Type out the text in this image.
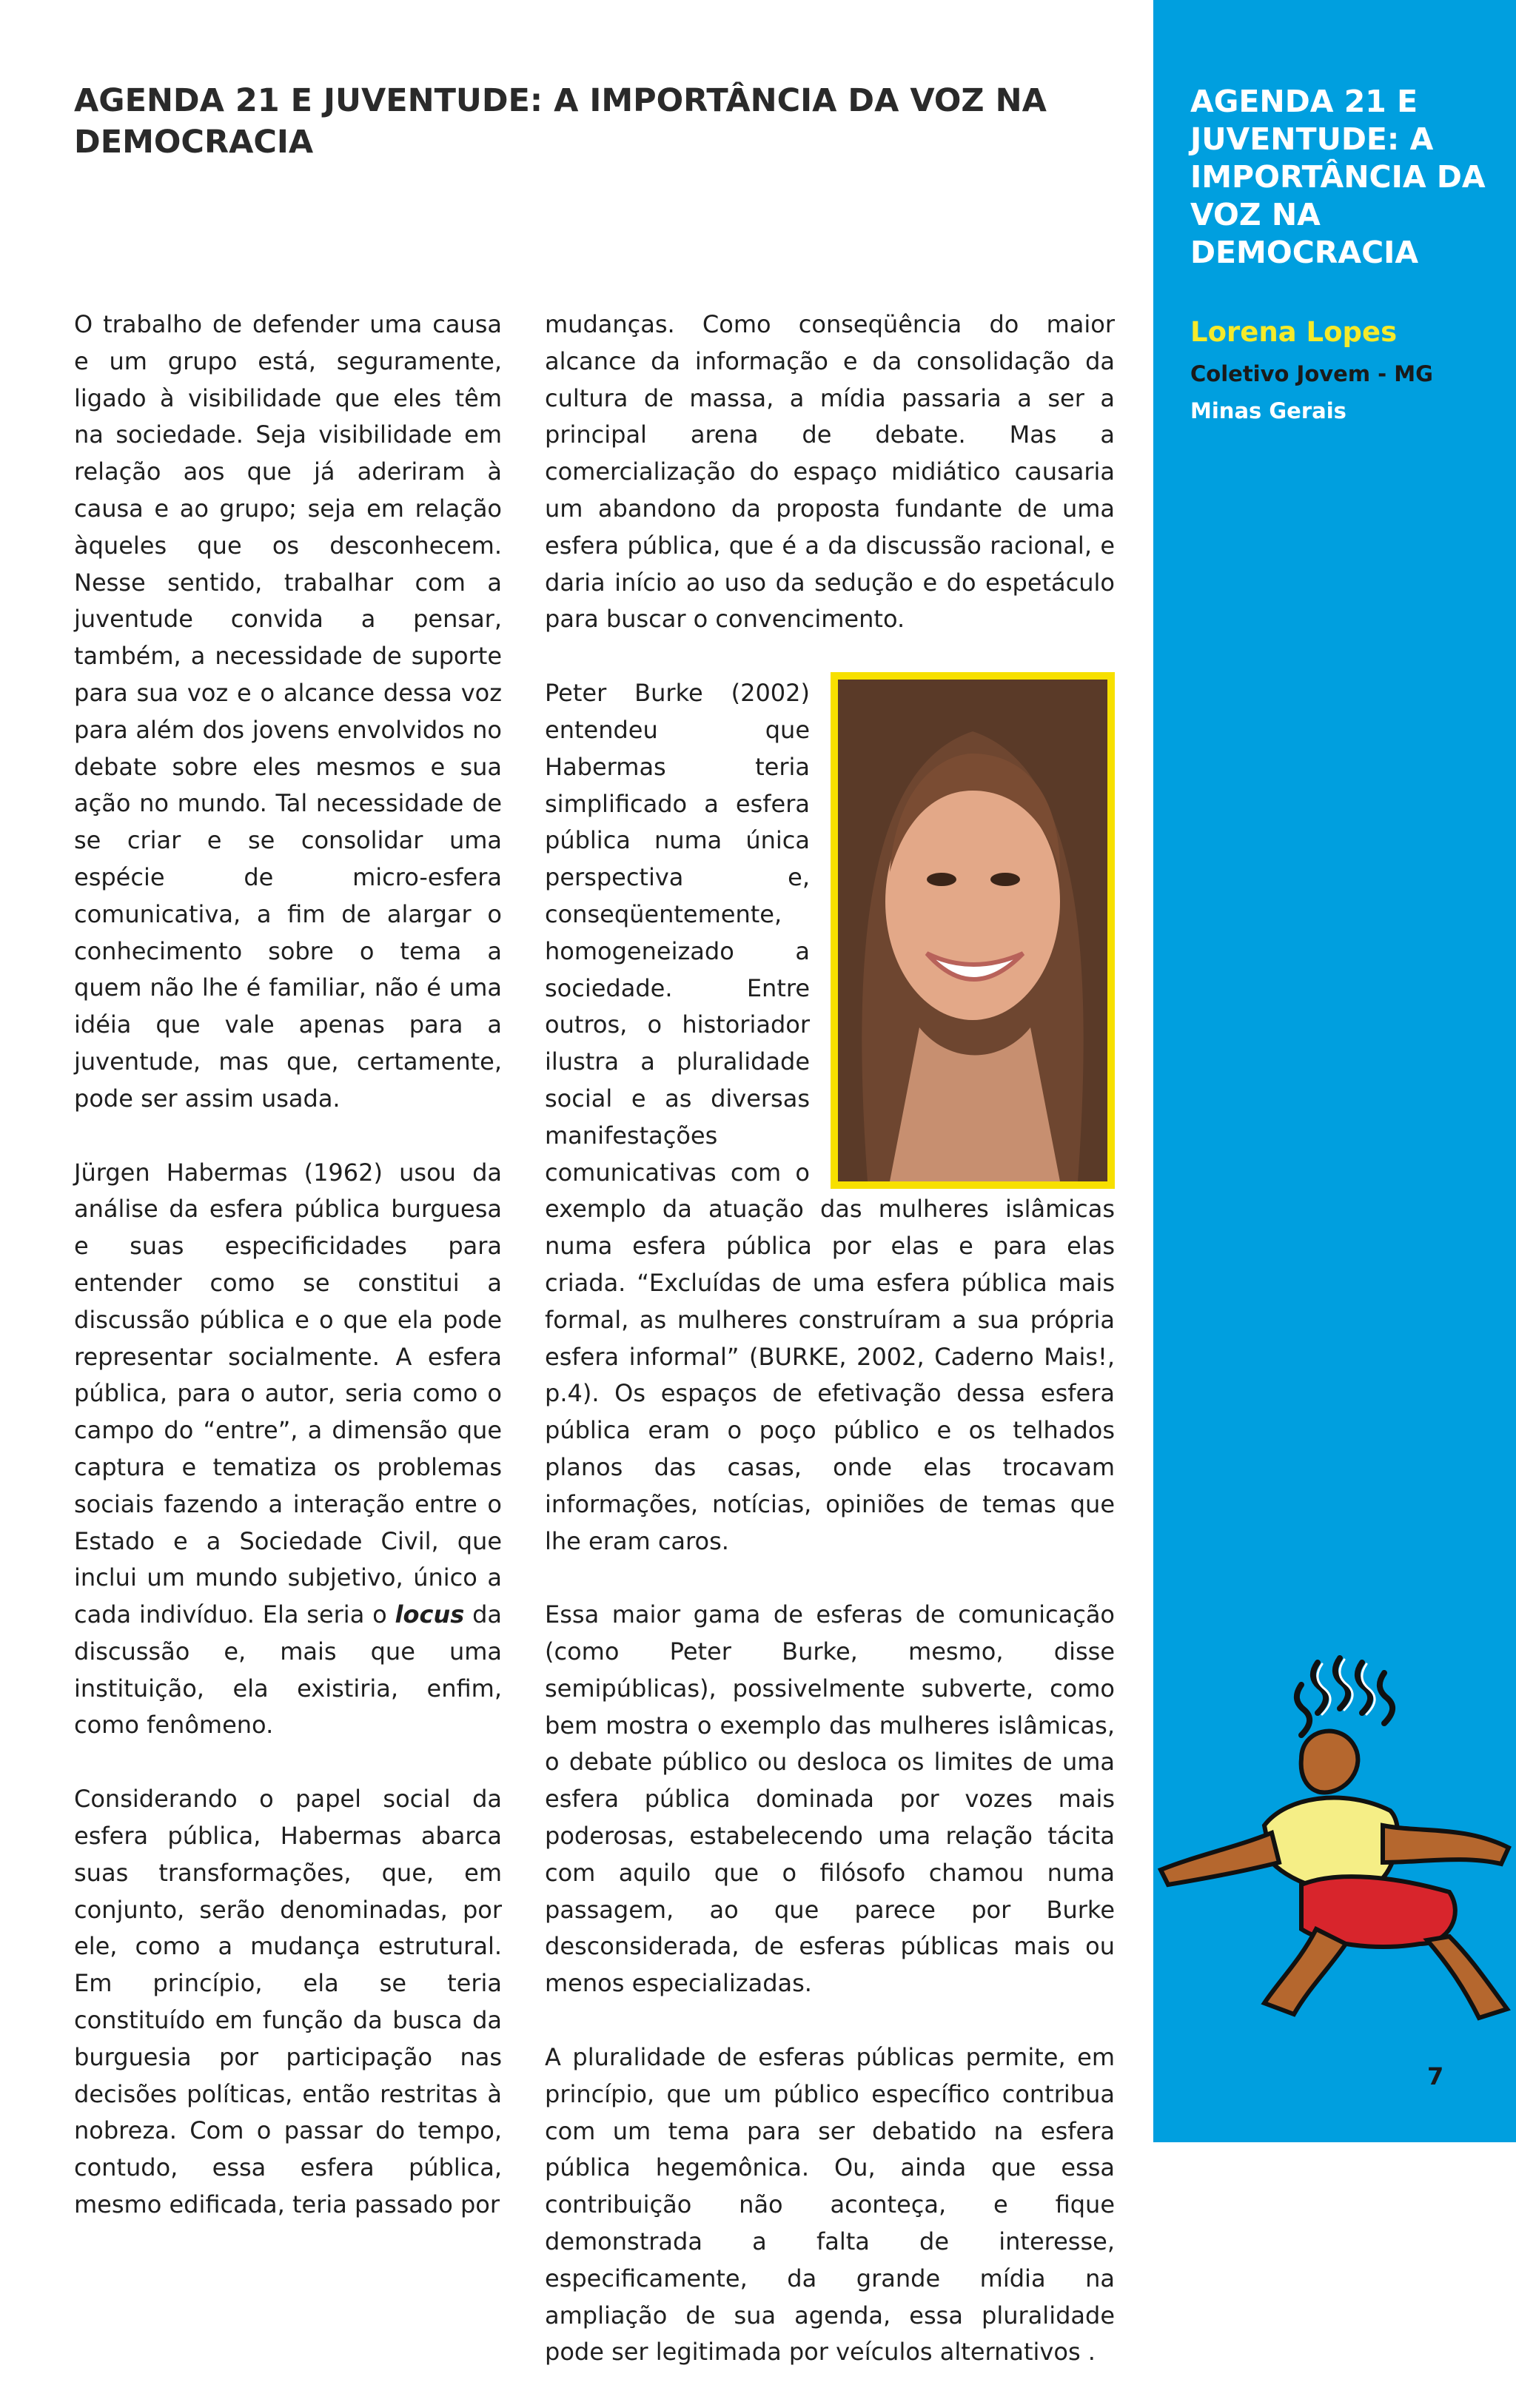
AGENDA 21 E JUVENTUDE: A IMPORTÂNCIA DA VOZ NA DEMOCRACIA

O trabalho de defender uma causa e um grupo está, seguramente, ligado à visibilidade que eles têm na sociedade. Seja visibilidade em relação aos que já aderiram à causa e ao grupo; seja em relação àqueles que os desconhecem. Nesse sentido, trabalhar com a juventude convida a pensar, também, a necessidade de suporte para sua voz e o alcance dessa voz para além dos jovens envolvidos no debate sobre eles mesmos e sua ação no mundo. Tal necessidade de se criar e se consolidar uma espécie de micro-esfera comunicativa, a fim de alargar o conhecimento sobre o tema a quem não lhe é familiar, não é uma idéia que vale apenas para a juventude, mas que, certamente, pode ser assim usada.

Jürgen Habermas (1962) usou da análise da esfera pública burguesa e suas especificidades para entender como se constitui a discussão pública e o que ela pode representar socialmente. A esfera pública, para o autor, seria como o campo do “entre”, a dimensão que captura e tematiza os problemas sociais fazendo a interação entre o Estado e a Sociedade Civil, que inclui um mundo subjetivo, único a cada indivíduo. Ela seria o locus da discussão e, mais que uma instituição, ela existiria, enfim, como fenômeno.

Considerando o papel social da esfera pública, Habermas abarca suas transformações, que, em conjunto, serão denominadas, por ele, como a mudança estrutural. Em princípio, ela se teria constituído em função da busca da burguesia por participação nas decisões políticas, então restritas à nobreza. Com o passar do tempo, contudo, essa esfera pública, mesmo edificada, teria passado por

mudanças. Como conseqüência do maior alcance da informação e da consolidação da cultura de massa, a mídia passaria a ser a principal arena de debate. Mas a comercialização do espaço midiático causaria um abandono da proposta fundante de uma esfera pública, que é a da discussão racional, e daria início ao uso da sedução e do espetáculo para buscar o convencimento.

Peter Burke (2002) entendeu que Habermas teria simplificado a esfera pública numa única perspectiva e, conseqüentemente, homogeneizado a sociedade. Entre outros, o historiador ilustra a pluralidade social e as diversas manifestações comunicativas com o exemplo da atuação das mulheres islâmicas numa esfera pública por elas e para elas criada. “Excluídas de uma esfera pública mais formal, as mulheres construíram a sua própria esfera informal” (BURKE, 2002, Caderno Mais!, p.4). Os espaços de efetivação dessa esfera pública eram o poço público e os telhados planos das casas, onde elas trocavam informações, notícias, opiniões de temas que lhe eram caros.

Essa maior gama de esferas de comunicação (como Peter Burke, mesmo, disse semipúblicas), possivelmente subverte, como bem mostra o exemplo das mulheres islâmicas, o debate público ou desloca os limites de uma esfera pública dominada por vozes mais poderosas, estabelecendo uma relação tácita com aquilo que o filósofo chamou numa passagem, ao que parece por Burke desconsiderada, de esferas públicas mais ou menos especializadas.

A pluralidade de esferas públicas permite, em princípio, que um público específico contribua com um tema para ser debatido na esfera pública hegemônica. Ou, ainda que essa contribuição não aconteça, e fique demonstrada a falta de interesse, especificamente, da grande mídia na ampliação de sua agenda, essa pluralidade pode ser legitimada por veículos alternativos .

AGENDA 21 E JUVENTUDE: A IMPORTÂNCIA DA VOZ NA DEMOCRACIA
Lorena Lopes
Coletivo Jovem - MG
Minas Gerais
7
